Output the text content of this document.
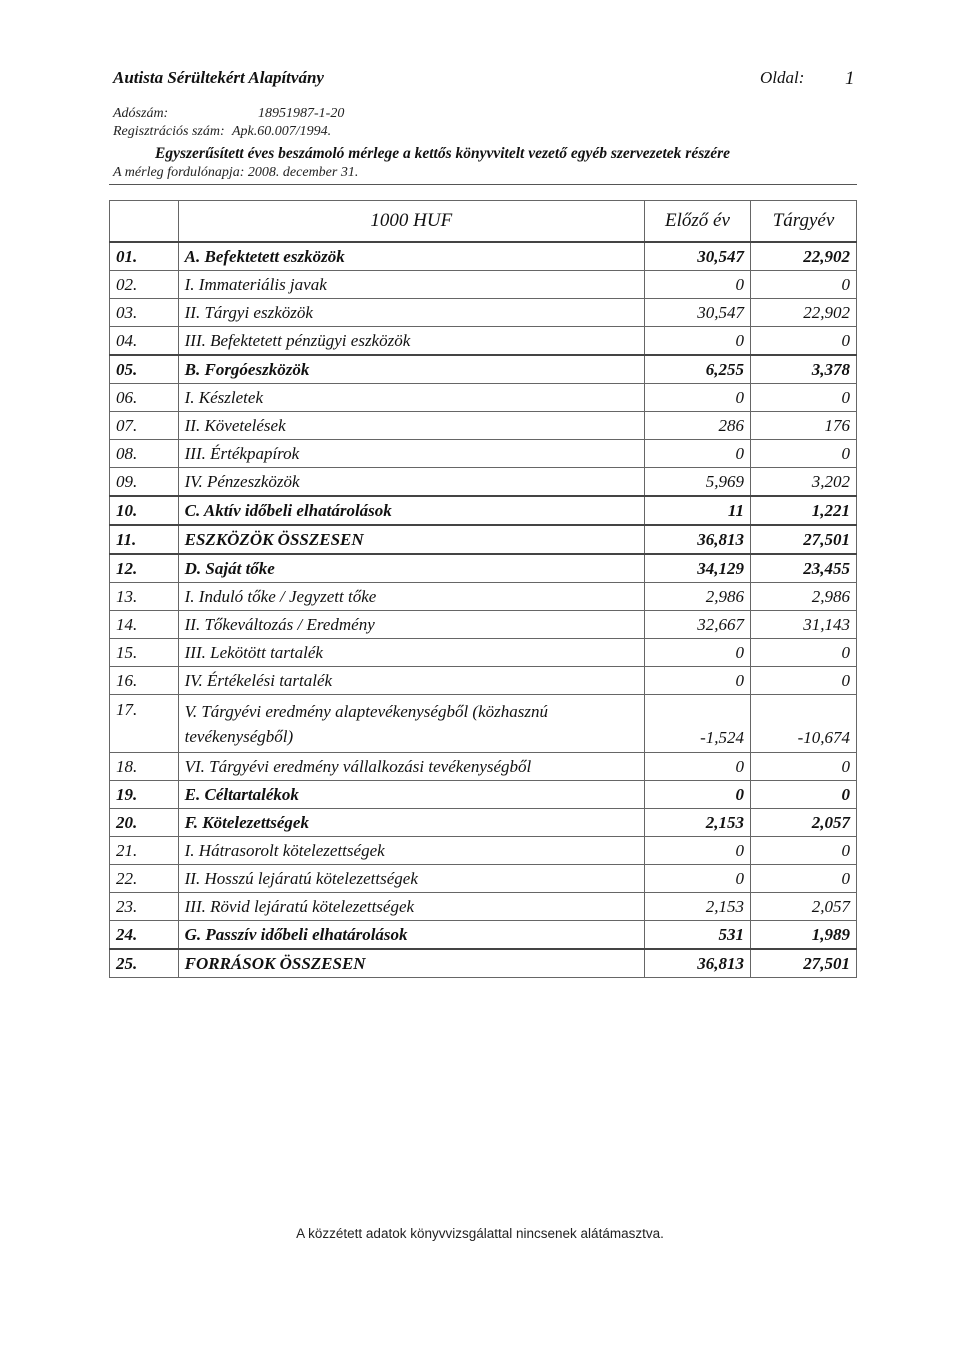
Autista Sérültekért Alapítvány	Oldal: 1
Adószám:	18951987-1-20
Regisztrációs szám: Apk.60.007/1994.
Egyszerűsített éves beszámoló mérlege a kettős könyvvitelt vezető egyéb szervezetek részére
A mérleg fordulónapja: 2008. december 31.
	1000 HUF	Előző év	Tárgyév
01.	A. Befektetett eszközök	30,547	22,902
02.	I. Immateriális javak	0	0
03.	II. Tárgyi eszközök	30,547	22,902
04.	III. Befektetett pénzügyi eszközök	0	0
05.	B. Forgóeszközök	6,255	3,378
06.	I. Készletek	0	0
07.	II. Követelések	286	176
08.	III. Értékpapírok	0	0
09.	IV. Pénzeszközök	5,969	3,202
10.	C. Aktív időbeli elhatárolások	11	1,221
11.	ESZKÖZÖK ÖSSZESEN	36,813	27,501
12.	D. Saját tőke	34,129	23,455
13.	I. Induló tőke / Jegyzett tőke	2,986	2,986
14.	II. Tőkeváltozás / Eredmény	32,667	31,143
15.	III. Lekötött tartalék	0	0
16.	IV. Értékelési tartalék	0	0
17.	V. Tárgyévi eredmény alaptevékenységből (közhasznú tevékenységből)	-1,524	-10,674
18.	VI. Tárgyévi eredmény vállalkozási tevékenységből	0	0
19.	E. Céltartalékok	0	0
20.	F. Kötelezettségek	2,153	2,057
21.	I. Hátrasorolt kötelezettségek	0	0
22.	II. Hosszú lejáratú kötelezettségek	0	0
23.	III. Rövid lejáratú kötelezettségek	2,153	2,057
24.	G. Passzív időbeli elhatárolások	531	1,989
25.	FORRÁSOK ÖSSZESEN	36,813	27,501
A közzétett adatok könyvvizsgálattal nincsenek alátámasztva.
